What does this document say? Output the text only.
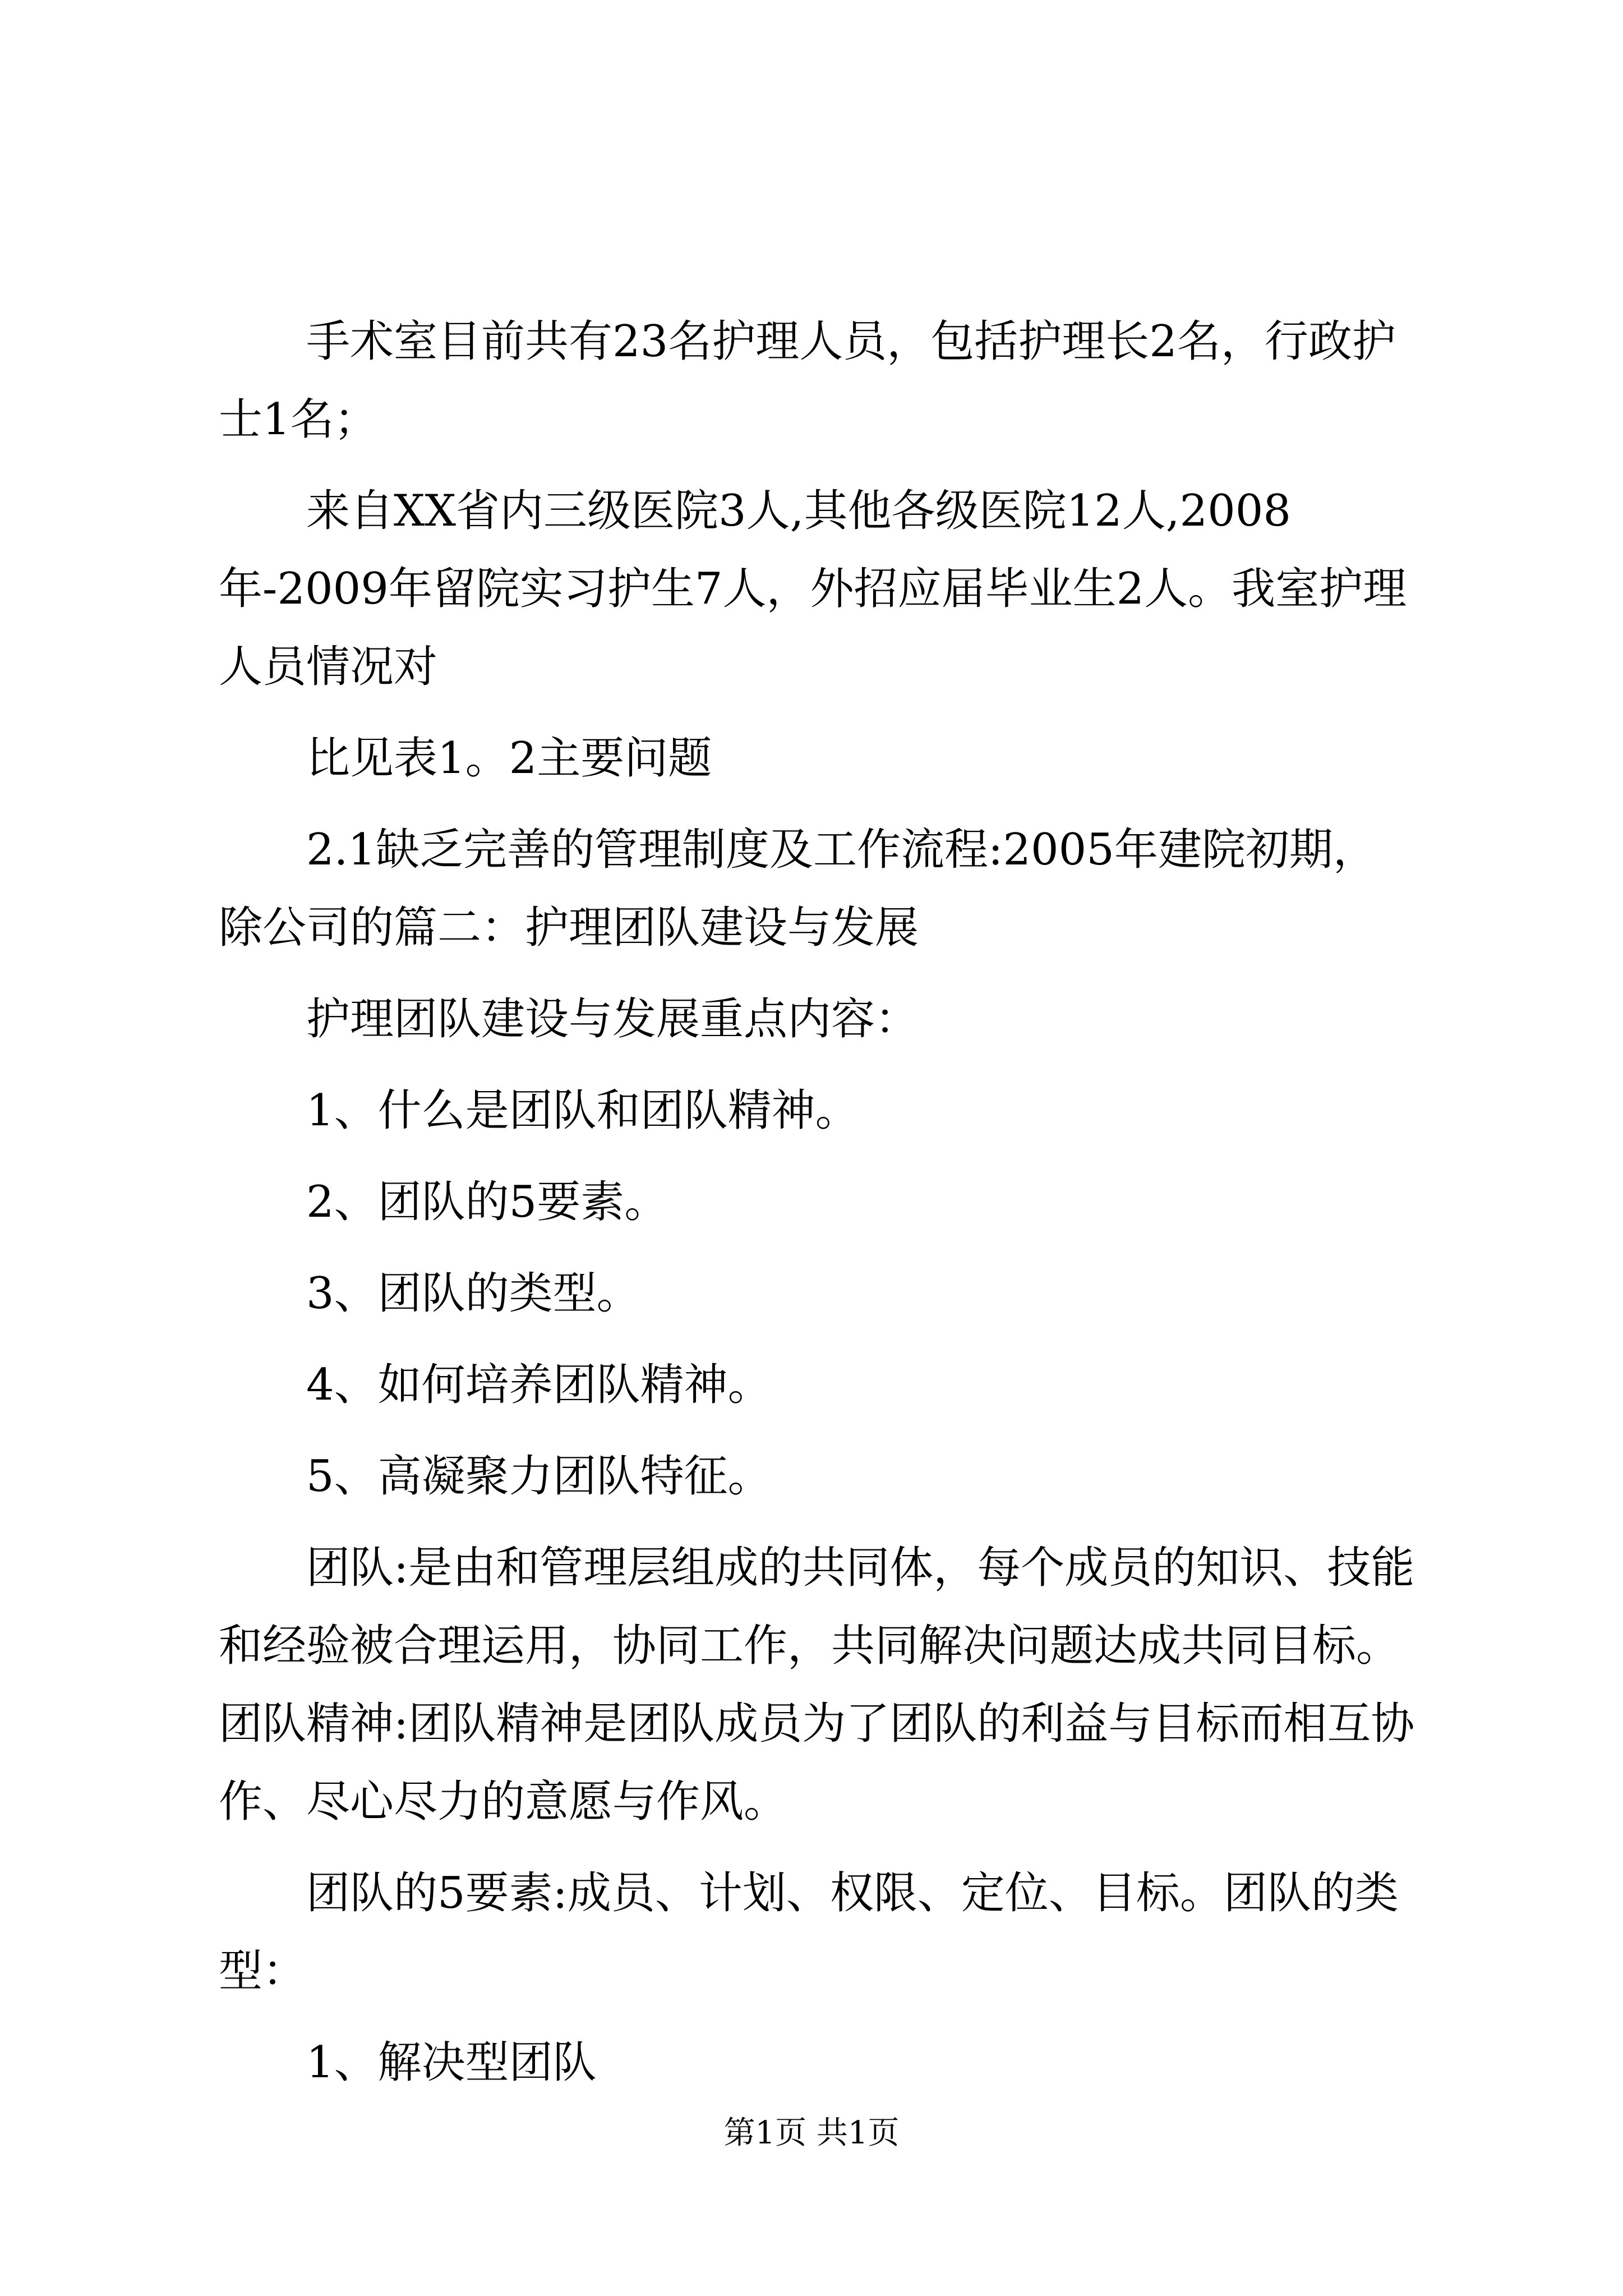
手术室目前共有23名护理人员，包括护理长2名，行政护士1名；

来自XX省内三级医院3人,其他各级医院12人,2008年-2009年留院实习护生7人，外招应届毕业生2人。我室护理人员情况对

比见表1。2主要问题

2.1缺乏完善的管理制度及工作流程:2005年建院初期，除公司的篇二：护理团队建设与发展

护理团队建设与发展重点内容：

1、什么是团队和团队精神。

2、团队的5要素。

3、团队的类型。

4、如何培养团队精神。

5、高凝聚力团队特征。

团队:是由和管理层组成的共同体，每个成员的知识、技能和经验被合理运用，协同工作，共同解决问题达成共同目标。团队精神:团队精神是团队成员为了团队的利益与目标而相互协作、尽心尽力的意愿与作风。

团队的5要素:成员、计划、权限、定位、目标。团队的类型：

1、解决型团队

第1页 共1页
